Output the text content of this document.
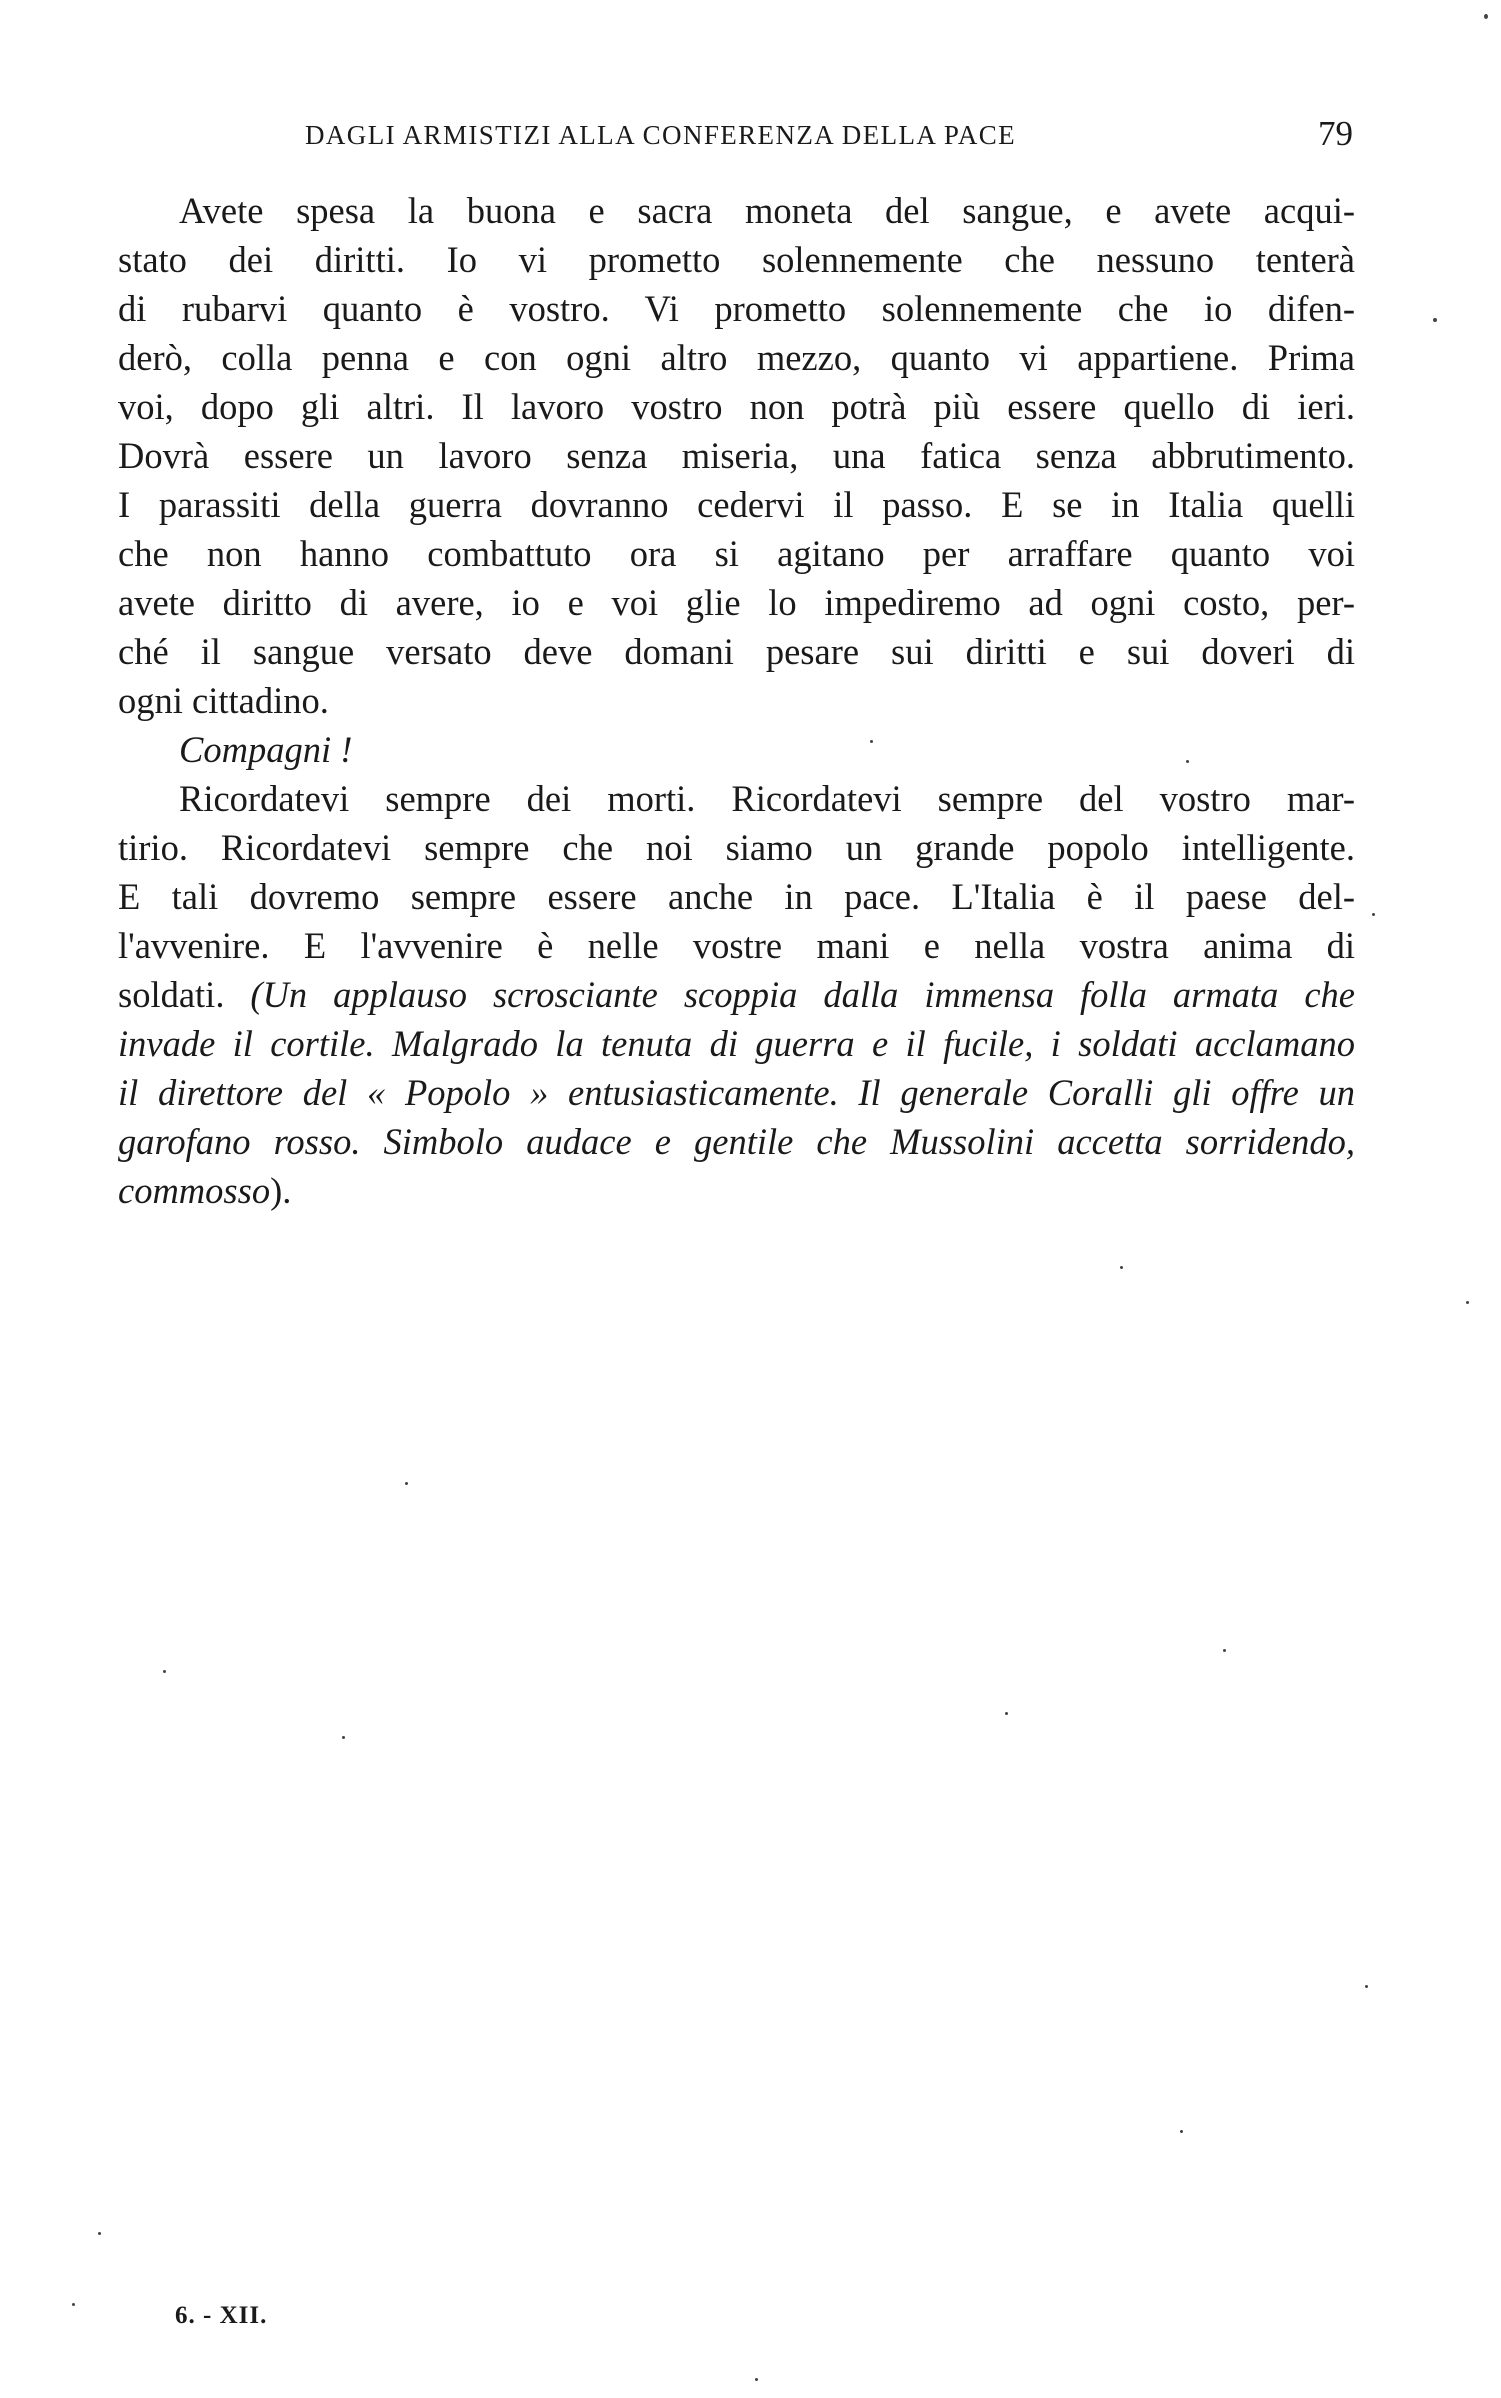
DAGLI ARMISTIZI ALLA CONFERENZA DELLA PACE	79
Avete spesa la buona e sacra moneta del sangue, e avete acqui-
stato dei diritti. Io vi prometto solennemente che nessuno tenterà
di rubarvi quanto è vostro. Vi prometto solennemente che io difen-
derò, colla penna e con ogni altro mezzo, quanto vi appartiene. Prima
voi, dopo gli altri. Il lavoro vostro non potrà più essere quello di ieri.
Dovrà essere un lavoro senza miseria, una fatica senza abbrutimento.
I parassiti della guerra dovranno cedervi il passo. E se in Italia quelli
che non hanno combattuto ora si agitano per arraffare quanto voi
avete diritto di avere, io e voi glie lo impediremo ad ogni costo, per-
ché il sangue versato deve domani pesare sui diritti e sui doveri di
ogni cittadino.
Compagni !
Ricordatevi sempre dei morti. Ricordatevi sempre del vostro mar-
tirio. Ricordatevi sempre che noi siamo un grande popolo intelligente.
E tali dovremo sempre essere anche in pace. L'Italia è il paese del-
l'avvenire. E l'avvenire è nelle vostre mani e nella vostra anima di
soldati. (Un applauso scrosciante scoppia dalla immensa folla armata che
invade il cortile. Malgrado la tenuta di guerra e il fucile, i soldati acclamano
il direttore del « Popolo » entusiasticamente. Il generale Coralli gli offre un
garofano rosso. Simbolo audace e gentile che Mussolini accetta sorridendo,
commosso).
6. - XII.
